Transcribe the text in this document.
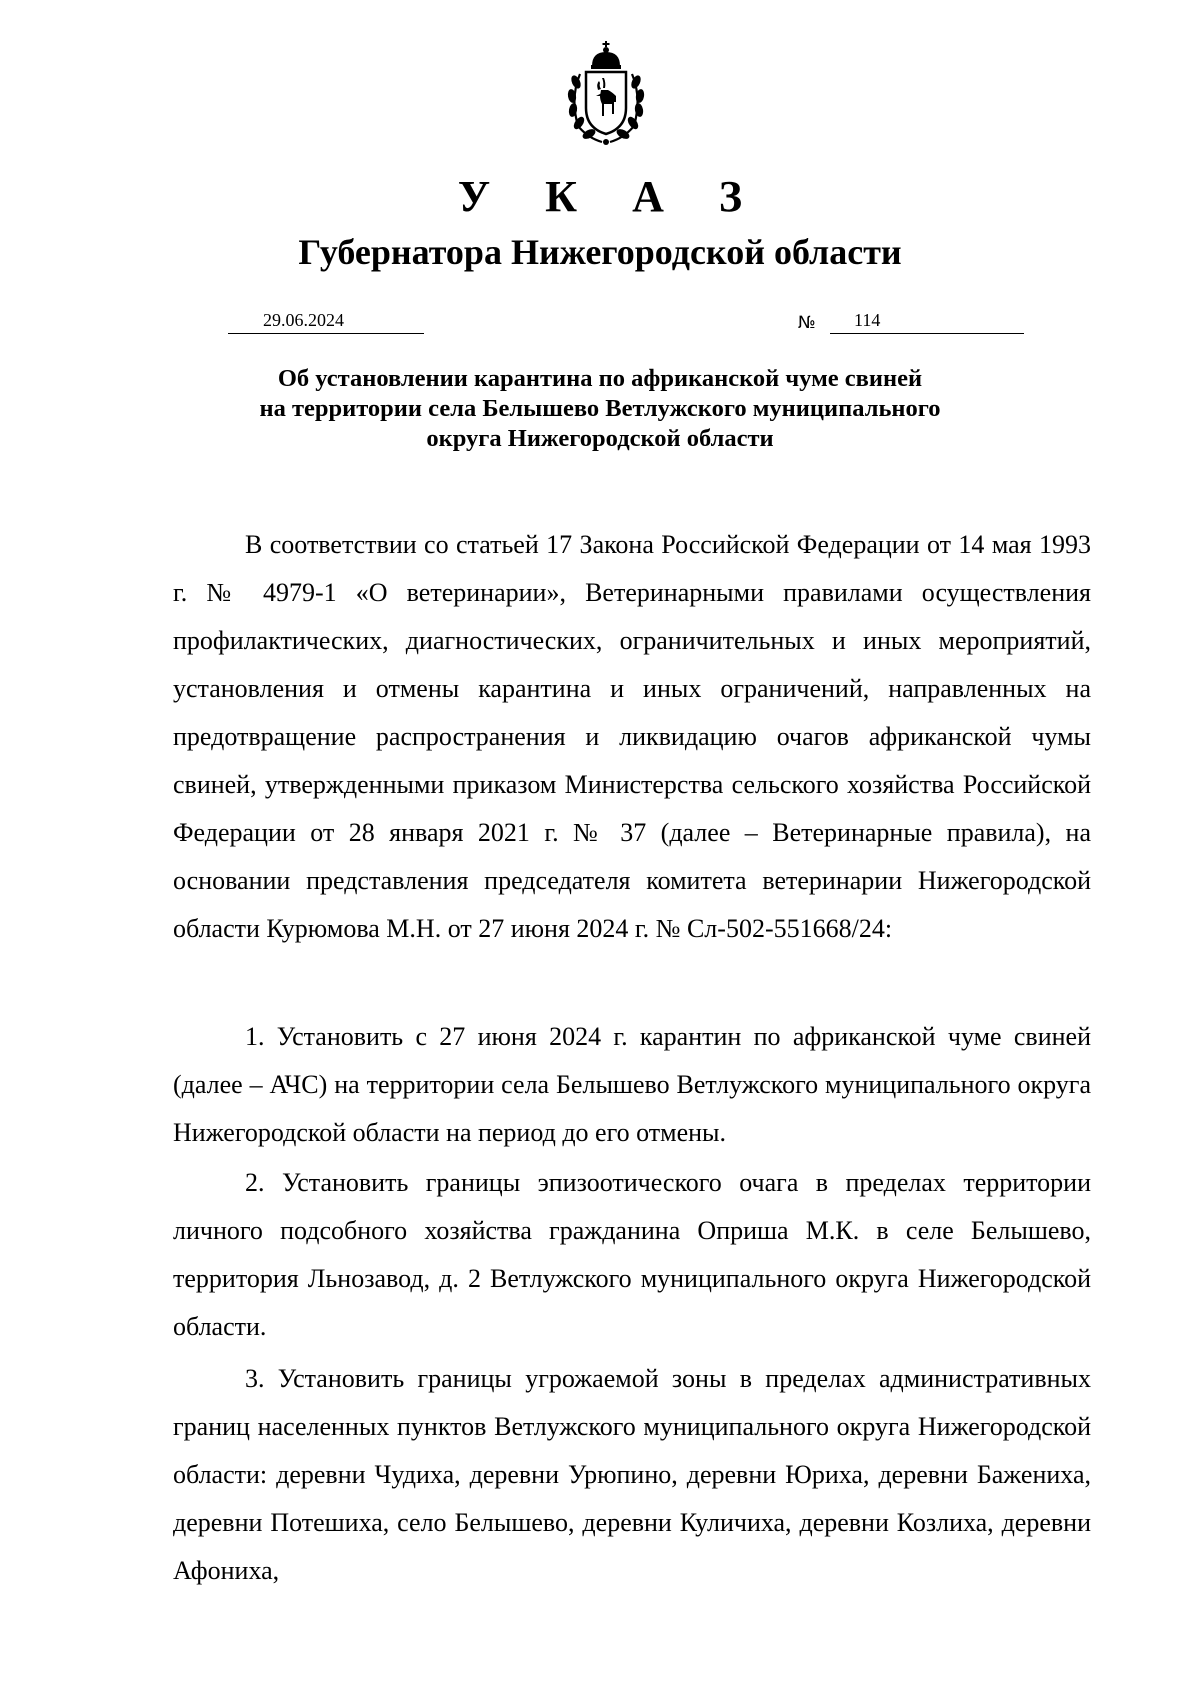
У К А З
Губернатора Нижегородской области
29.06.2024	№ 114
Об установлении карантина по африканской чуме свиней
на территории села Белышево Ветлужского муниципального
округа Нижегородской области

В соответствии со статьей 17 Закона Российской Федерации от 14 мая 1993 г. № 4979-1 «О ветеринарии», Ветеринарными правилами осуществления профилактических, диагностических, ограничительных и иных мероприятий, установления и отмены карантина и иных ограничений, направленных на предотвращение распространения и ликвидацию очагов африканской чумы свиней, утвержденными приказом Министерства сельского хозяйства Российской Федерации от 28 января 2021 г. № 37 (далее – Ветеринарные правила), на основании представления председателя комитета ветеринарии Нижегородской области Курюмова М.Н. от 27 июня 2024 г. № Сл-502-551668/24:

1. Установить с 27 июня 2024 г. карантин по африканской чуме свиней (далее – АЧС) на территории села Белышево Ветлужского муниципального округа Нижегородской области на период до его отмены.

2. Установить границы эпизоотического очага в пределах территории личного подсобного хозяйства гражданина Оприша М.К. в селе Белышево, территория Льнозавод, д. 2 Ветлужского муниципального округа Нижегородской области.

3. Установить границы угрожаемой зоны в пределах административных границ населенных пунктов Ветлужского муниципального округа Нижегородской области: деревни Чудиха, деревни Урюпино, деревни Юриха, деревни Бажениха, деревни Потешиха, село Белышево, деревни Куличиха, деревни Козлиха, деревни Афониха,
